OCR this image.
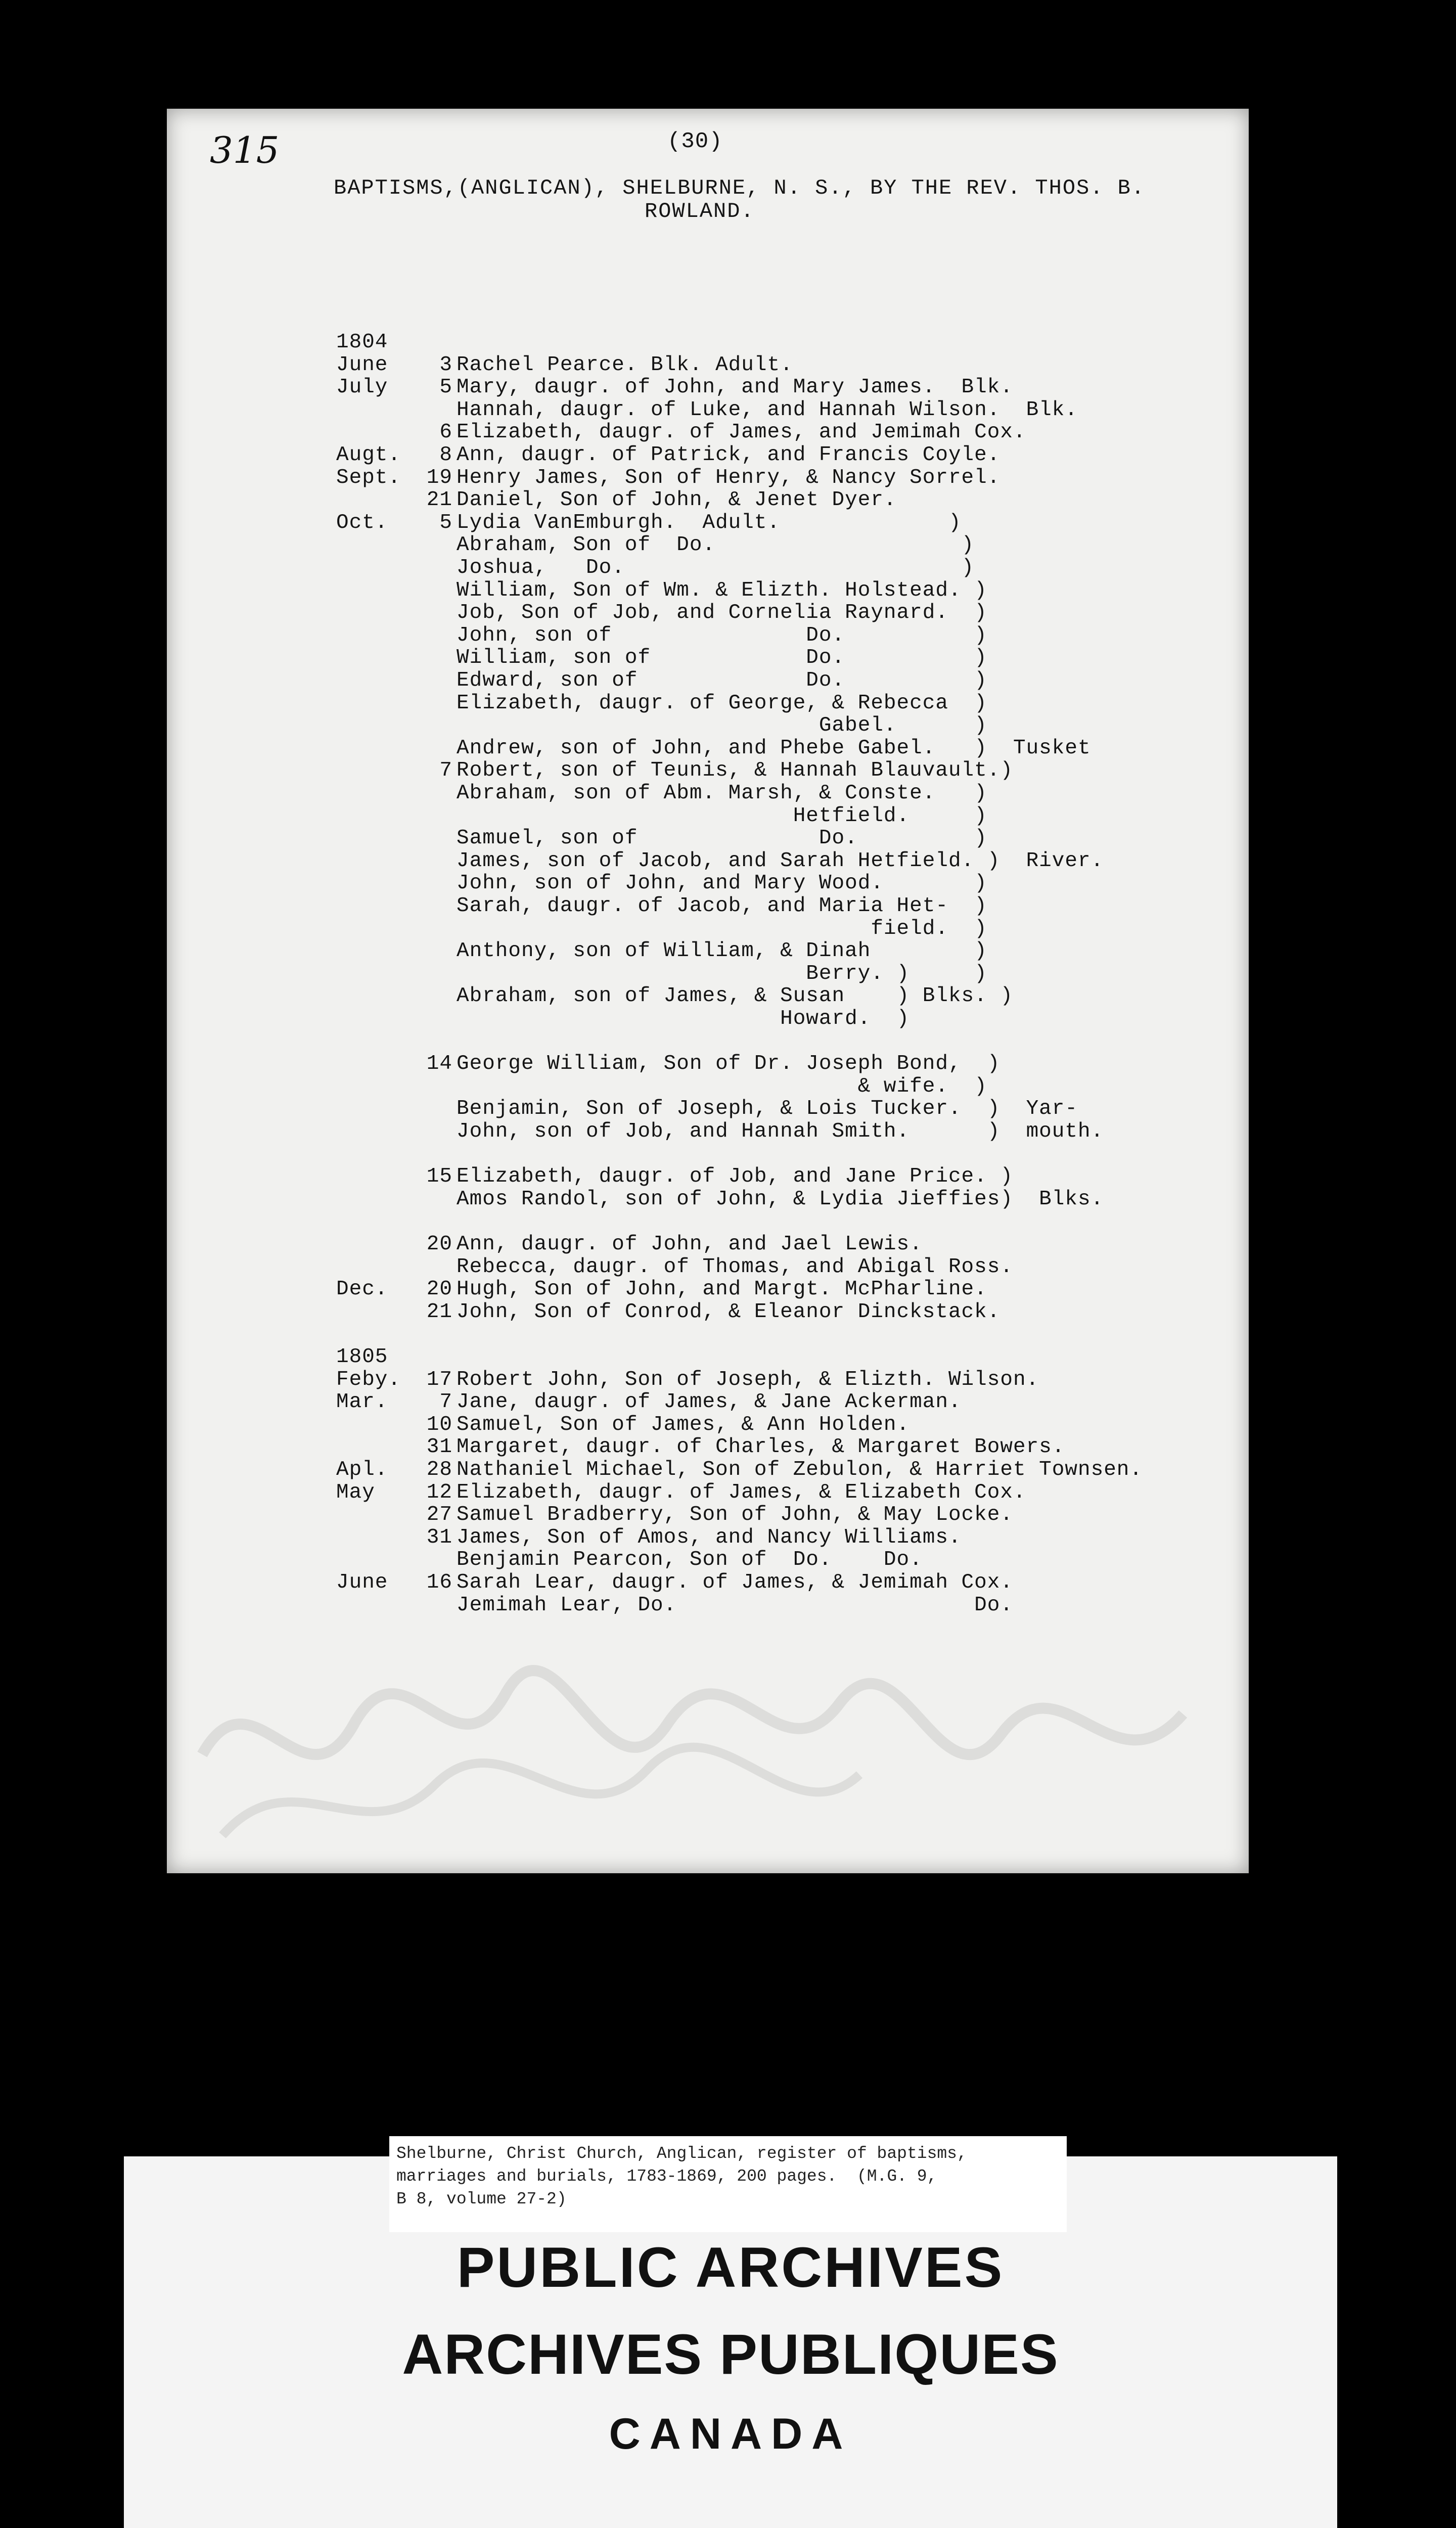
315	(30)
BAPTISMS,(ANGLICAN), SHELBURNE, N. S., BY THE REV. THOS. B.
ROWLAND.
1804
June	3 Rachel Pearce. Blk. Adult.
July	5 Mary, daugr. of John, and Mary James.  Blk.
Hannah, daugr. of Luke, and Hannah Wilson.  Blk.
6 Elizabeth, daugr. of James, and Jemimah Cox.
Augt.	8 Ann, daugr. of Patrick, and Francis Coyle.
Sept.	19 Henry James, Son of Henry, & Nancy Sorrel.
21 Daniel, Son of John, & Jenet Dyer.
Oct.	5 Lydia VanEmburgh.  Adult.             )
Abraham, Son of  Do.                   )
Joshua,   Do.                          )
William, Son of Wm. & Elizth. Holstead. )
Job, Son of Job, and Cornelia Raynard.  )
John, son of               Do.          )
William, son of            Do.          )
Edward, son of             Do.          )
Elizabeth, daugr. of George, & Rebecca  )
Gabel.      )
Andrew, son of John, and Phebe Gabel.   )  Tusket
7 Robert, son of Teunis, & Hannah Blauvault.)
Abraham, son of Abm. Marsh, & Conste.   )
Hetfield.     )
Samuel, son of              Do.         )
James, son of Jacob, and Sarah Hetfield. )  River.
John, son of John, and Mary Wood.       )
Sarah, daugr. of Jacob, and Maria Het-  )
field.  )
Anthony, son of William, & Dinah        )
Berry. )     )
Abraham, son of James, & Susan    ) Blks. )
Howard.  )
14 George William, Son of Dr. Joseph Bond,  )
& wife.  )
Benjamin, Son of Joseph, & Lois Tucker.  )  Yar-
John, son of Job, and Hannah Smith.      )  mouth.
15 Elizabeth, daugr. of Job, and Jane Price. )
Amos Randol, son of John, & Lydia Jieffies)  Blks.
20 Ann, daugr. of John, and Jael Lewis.
Rebecca, daugr. of Thomas, and Abigal Ross.
Dec.	20 Hugh, Son of John, and Margt. McPharline.
21 John, Son of Conrod, & Eleanor Dinckstack.
1805
Feby.	17 Robert John, Son of Joseph, & Elizth. Wilson.
Mar.	7 Jane, daugr. of James, & Jane Ackerman.
10 Samuel, Son of James, & Ann Holden.
31 Margaret, daugr. of Charles, & Margaret Bowers.
Apl.	28 Nathaniel Michael, Son of Zebulon, & Harriet Townsen.
May	12 Elizabeth, daugr. of James, & Elizabeth Cox.
27 Samuel Bradberry, Son of John, & May Locke.
31 James, Son of Amos, and Nancy Williams.
Benjamin Pearcon, Son of  Do.    Do.
June	16 Sarah Lear, daugr. of James, & Jemimah Cox.
Jemimah Lear, Do.                       Do.
Shelburne, Christ Church, Anglican, register of baptisms,
marriages and burials, 1783-1869, 200 pages.  (M.G. 9,
B 8, volume 27-2)
PUBLIC ARCHIVES
ARCHIVES PUBLIQUES
CANADA
